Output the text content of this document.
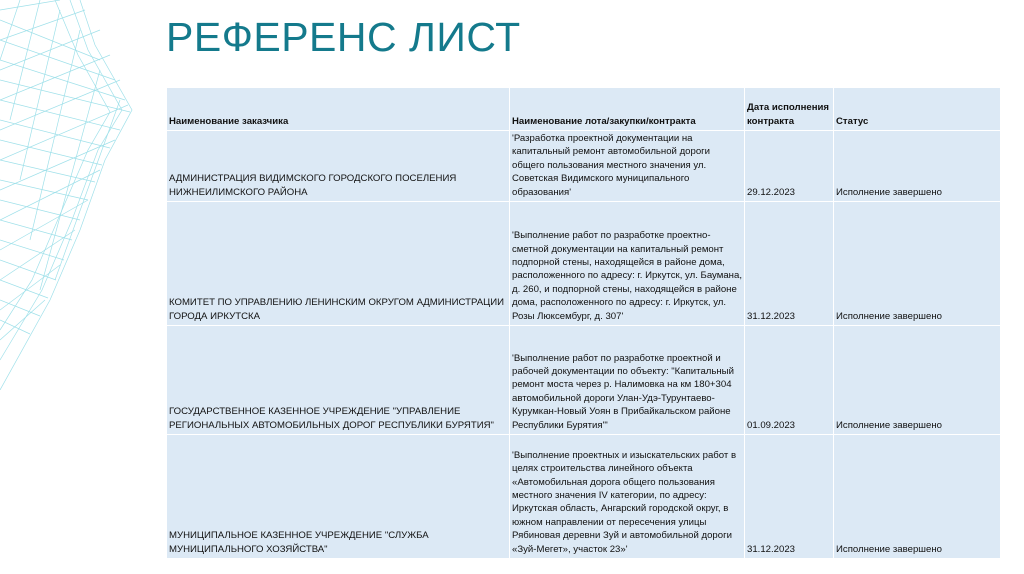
РЕФЕРЕНС ЛИСТ
Наименование заказчика	Наименование лота/закупки/контракта	Дата исполнения контракта	Статус
АДМИНИСТРАЦИЯ ВИДИМСКОГО ГОРОДСКОГО ПОСЕЛЕНИЯ НИЖНЕИЛИМСКОГО РАЙОНА	'Разработка проектной документации на капитальный ремонт автомобильной дороги общего пользования местного значения ул. Советская Видимского муниципального образования'	29.12.2023	Исполнение завершено
КОМИТЕТ ПО УПРАВЛЕНИЮ ЛЕНИНСКИМ ОКРУГОМ АДМИНИСТРАЦИИ ГОРОДА ИРКУТСКА	'Выполнение работ по разработке проектно-сметной документации на капитальный ремонт подпорной стены, находящейся в районе дома, расположенного по адресу: г. Иркутск, ул. Баумана, д. 260, и подпорной стены, находящейся в районе дома, расположенного по адресу: г. Иркутск, ул. Розы Люксембург, д. 307'	31.12.2023	Исполнение завершено
ГОСУДАРСТВЕННОЕ КАЗЕННОЕ УЧРЕЖДЕНИЕ "УПРАВЛЕНИЕ РЕГИОНАЛЬНЫХ АВТОМОБИЛЬНЫХ ДОРОГ РЕСПУБЛИКИ БУРЯТИЯ"	'Выполнение работ по разработке проектной и рабочей документации по объекту: "Капитальный ремонт моста через р. Налимовка на км 180+304 автомобильной дороги Улан-Удэ-Турунтаево-Курумкан-Новый Уоян в Прибайкальском районе Республики Бурятия"'	01.09.2023	Исполнение завершено
МУНИЦИПАЛЬНОЕ КАЗЕННОЕ УЧРЕЖДЕНИЕ "СЛУЖБА МУНИЦИПАЛЬНОГО ХОЗЯЙСТВА"	'Выполнение проектных и изыскательских работ в целях строительства линейного объекта «Автомобильная дорога общего пользования местного значения IV категории, по адресу: Иркутская область, Ангарский городской округ, в южном направлении от пересечения улицы Рябиновая деревни Зуй и автомобильной дороги «Зуй-Мегет», участок 23»'	31.12.2023	Исполнение завершено
